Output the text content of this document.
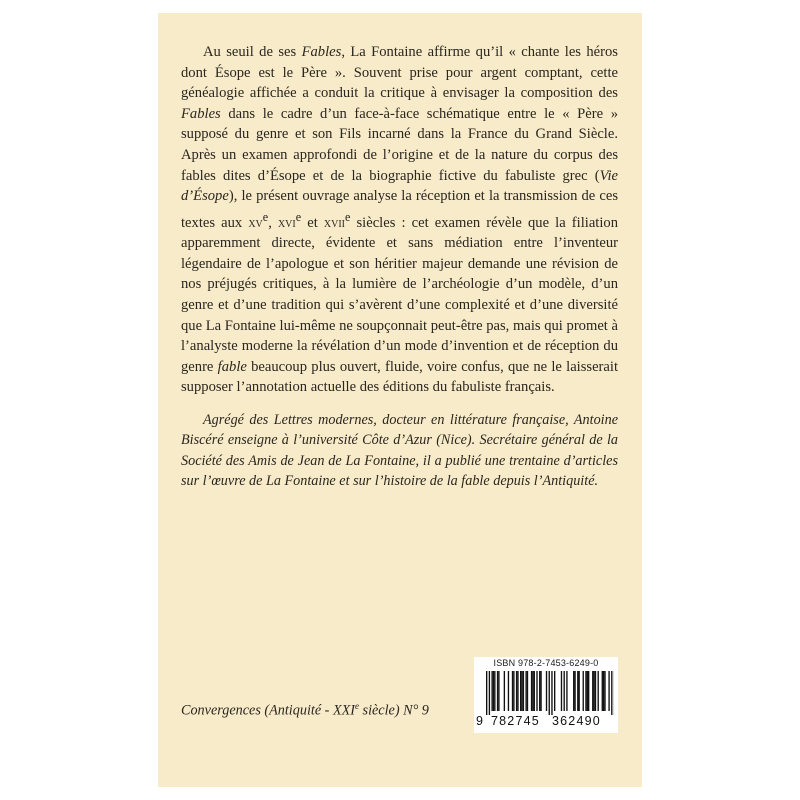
Au seuil de ses Fables, La Fontaine affirme qu’il « chante les héros dont Ésope est le Père ». Souvent prise pour argent comptant, cette généalogie affichée a conduit la critique à envisager la composition des Fables dans le cadre d’un face-à-face schématique entre le « Père » supposé du genre et son Fils incarné dans la France du Grand Siècle. Après un examen approfondi de l’origine et de la nature du corpus des fables dites d’Ésope et de la biographie fictive du fabuliste grec (Vie d’Ésope), le présent ouvrage analyse la réception et la transmission de ces textes aux $xv^e$, xvi$^e$ et xvii$^e$ siècles : cet examen révèle que la filiation apparemment directe, évidente et sans médiation entre l’inventeur légendaire de l’apologue et son héritier majeur demande une révision de nos préjugés critiques, à la lumière de l’archéologie d’un modèle, d’un genre et d’une tradition qui s’avèrent d’une complexité et d’une diversité que La Fontaine lui-même ne soupçonnait peut-être pas, mais qui promet à l’analyste moderne la révélation d’un mode d’invention et de réception du genre fable beaucoup plus ouvert, fluide, voire confus, que ne le laisserait supposer l’annotation actuelle des éditions du fabuliste français.

Agrégé des Lettres modernes, docteur en littérature française, Antoine Biscéré enseigne à l’université Côte d’Azur (Nice). Secrétaire général de la Société des Amis de Jean de La Fontaine, il a publié une trentaine d’articles sur l’œuvre de La Fontaine et sur l’histoire de la fable depuis l’Antiquité.

Convergences (Antiquité - XXIe siècle) N° 9
ISBN 978-2-7453-6249-0
9 782745 362490
